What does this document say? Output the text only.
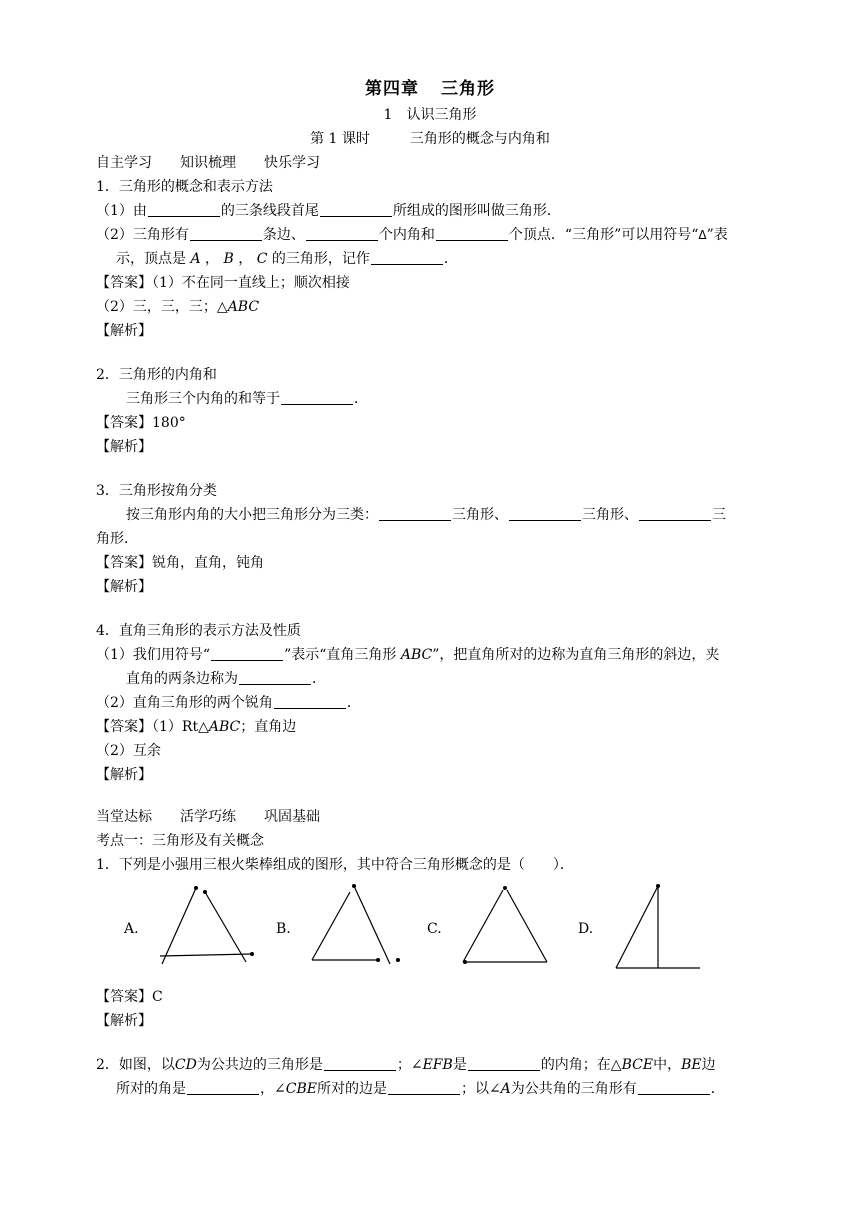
第四章 三角形
1　认识三角形
第 1 课时	三角形的概念与内角和
自主学习 知识梳理 快乐学习
1．三角形的概念和表示方法
（1）由	的三条线段首尾	所组成的图形叫做三角形．
（2）三角形有	条边、	个内角和	个顶点．“三角形”可以用符号“Δ”表
示，顶点是 A ， B ， C 的三角形，记作	．
【答案】（1）不在同一直线上；顺次相接
（2）三，三，三；△ABC
【解析】
2．三角形的内角和
三角形三个内角的和等于	．
【答案】180°
【解析】
3．三角形按角分类
按三角形内角的大小把三角形分为三类：	三角形、	三角形、	三
角形．
【答案】锐角，直角，钝角
【解析】
4．直角三角形的表示方法及性质
（1）我们用符号“	”表示“直角三角形 ABC”，把直角所对的边称为直角三角形的斜边，夹
直角的两条边称为	．
（2）直角三角形的两个锐角	．
【答案】（1）Rt△ABC；直角边
（2）互余
【解析】
当堂达标 活学巧练 巩固基础
考点一：三角形及有关概念
1．下列是小强用三根火柴棒组成的图形，其中符合三角形概念的是（　　）．
A.	B.	C.	D.
【答案】C
【解析】
2．如图，以CD为公共边的三角形是	；∠EFB是	的内角；在△BCE中，BE边
所对的角是	，∠CBE所对的边是	；以∠A为公共角的三角形有	．
